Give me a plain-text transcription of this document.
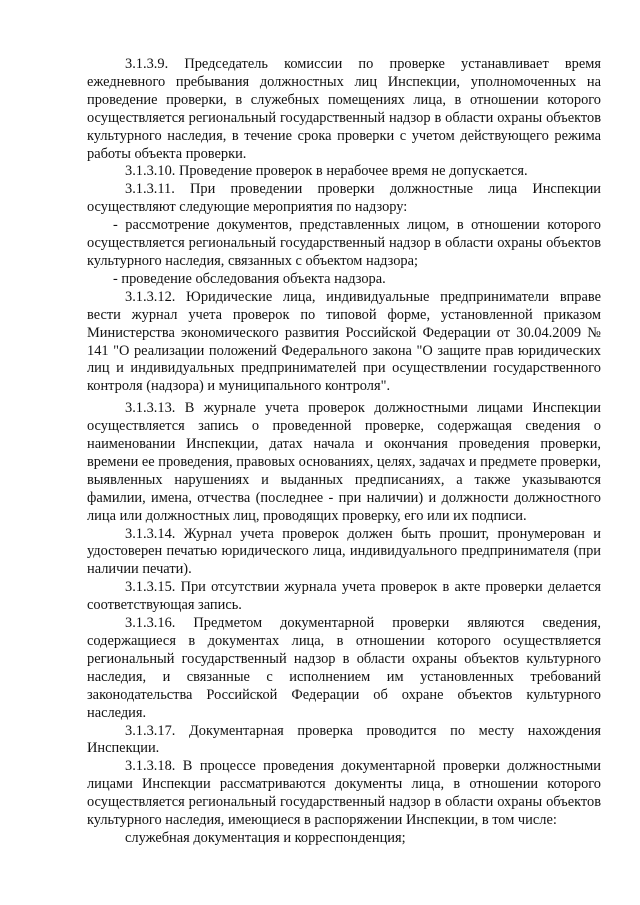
3.1.3.9. Председатель комиссии по проверке устанавливает время ежедневного пребывания должностных лиц Инспекции, уполномоченных на проведение проверки, в служебных помещениях лица, в отношении которого осуществляется региональный государственный надзор в области охраны объектов культурного наследия, в течение срока проверки с учетом действующего режима работы объекта проверки.

3.1.3.10. Проведение проверок в нерабочее время не допускается.

3.1.3.11. При проведении проверки должностные лица Инспекции осуществляют следующие мероприятия по надзору:

- рассмотрение документов, представленных лицом, в отношении которого осуществляется региональный государственный надзор в области охраны объектов культурного наследия, связанных с объектом надзора;

- проведение обследования объекта надзора.

3.1.3.12. Юридические лица, индивидуальные предприниматели вправе вести журнал учета проверок по типовой форме, установленной приказом Министерства экономического развития Российской Федерации от 30.04.2009 № 141 "О реализации положений Федерального закона "О защите прав юридических лиц и индивидуальных предпринимателей при осуществлении государственного контроля (надзора) и муниципального контроля".

3.1.3.13. В журнале учета проверок должностными лицами Инспекции осуществляется запись о проведенной проверке, содержащая сведения о наименовании Инспекции, датах начала и окончания проведения проверки, времени ее проведения, правовых основаниях, целях, задачах и предмете проверки, выявленных нарушениях и выданных предписаниях, а также указываются фамилии, имена, отчества (последнее - при наличии) и должности должностного лица или должностных лиц, проводящих проверку, его или их подписи.

3.1.3.14. Журнал учета проверок должен быть прошит, пронумерован и удостоверен печатью юридического лица, индивидуального предпринимателя (при наличии печати).

3.1.3.15. При отсутствии журнала учета проверок в акте проверки делается соответствующая запись.

3.1.3.16. Предметом документарной проверки являются сведения, содержащиеся в документах лица, в отношении которого осуществляется региональный государственный надзор в области охраны объектов культурного наследия, и связанные с исполнением им установленных требований законодательства Российской Федерации об охране объектов культурного наследия.

3.1.3.17. Документарная проверка проводится по месту нахождения Инспекции.

3.1.3.18. В процессе проведения документарной проверки должностными лицами Инспекции рассматриваются документы лица, в отношении которого осуществляется региональный государственный надзор в области охраны объектов культурного наследия, имеющиеся в распоряжении Инспекции, в том числе:

служебная документация и корреспонденция;
